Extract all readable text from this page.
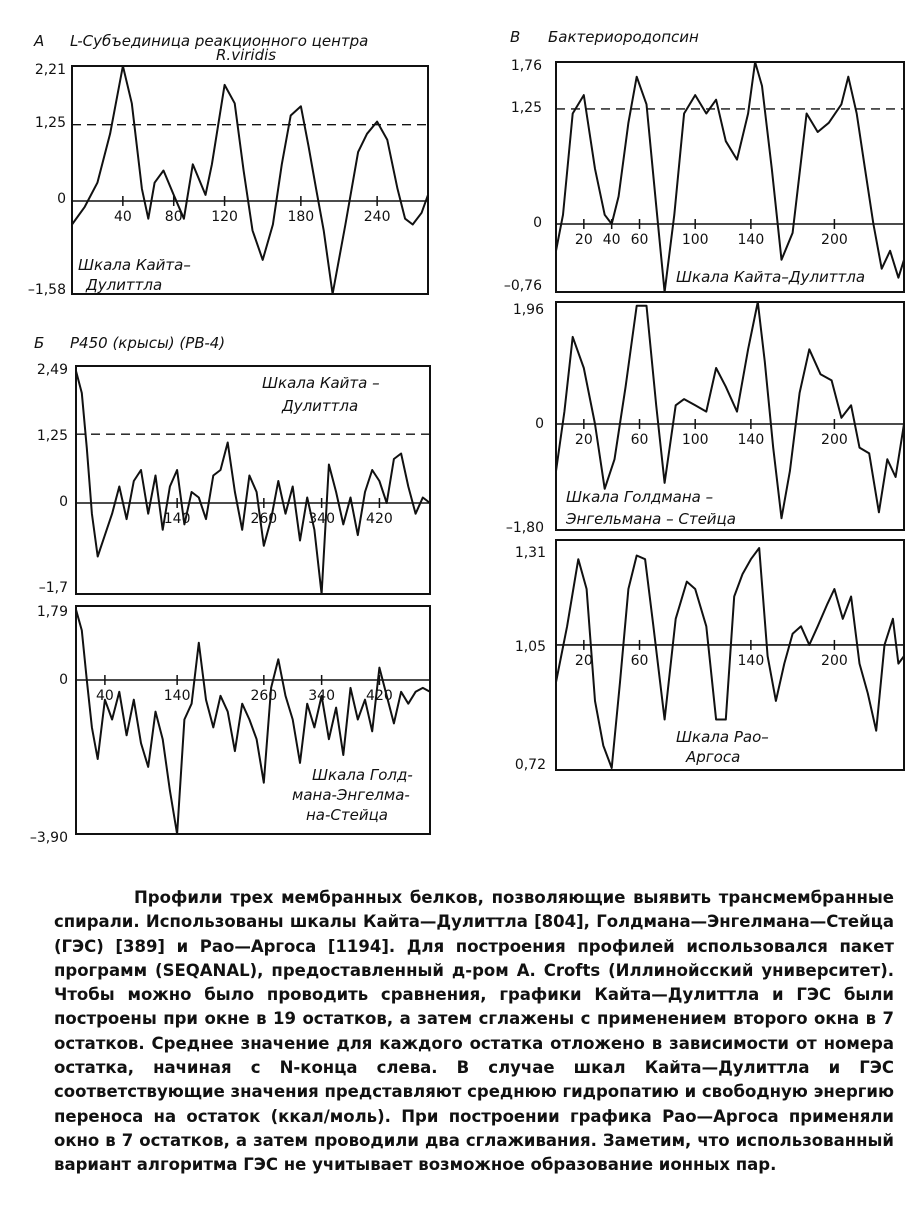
2,21
1,25
0
–1,58
40 80 120	180	240
А L-Субъединица реакционного центра
R.viridis
Шкала Кайта–
Дулиттла
1,76
1,25
0
–0,76
20 40 60 100 140	200
В Бактериородопсин
Шкала Кайта–Дулиттла
2,49
1,25
0
–1,7
140	260 340 420
Б P450 (крысы) (PB-4)
Шкала Кайта –
Дулиттла
1,79
0
–3,90
40	140	260 340 420
Шкала Голд-
мана-Энгелма-
на-Стейца
1,96
0
–1,80
20	60 100 140	200
Шкала Голдмана –
Энгельмана – Стейца
1,31
1,05
0,72
20	60	140	200
Шкала Рао–
Аргоса

Профили трех мембранных белков, позволяющие выявить трансмембранные спирали. Использованы шкалы Кайта—Дулиттла [804], Голдмана—Энгелмана—Стейца (ГЭС) [389] и Рао—Аргоса [1194]. Для построения профилей использовался пакет программ (SEQANAL), предоставленный д-ром А. Crofts (Иллинойсский университет). Чтобы можно было проводить сравнения, графики Кайта—Дулиттла и ГЭС были построены при окне в 19 остатков, а затем сглажены с применением второго окна в 7 остатков. Среднее значение для каждого остатка отложено в зависимости от номера остатка, начиная с N-конца слева. В случае шкал Кайта—Дулиттла и ГЭС соответствующие значения представляют среднюю гидропатию и свободную энергию переноса на остаток (ккал/моль). При построении графика Рао—Аргоса применяли окно в 7 остатков, а затем проводили два сглаживания. Заметим, что использованный вариант алгоритма ГЭС не учитывает возможное образование ионных пар.
